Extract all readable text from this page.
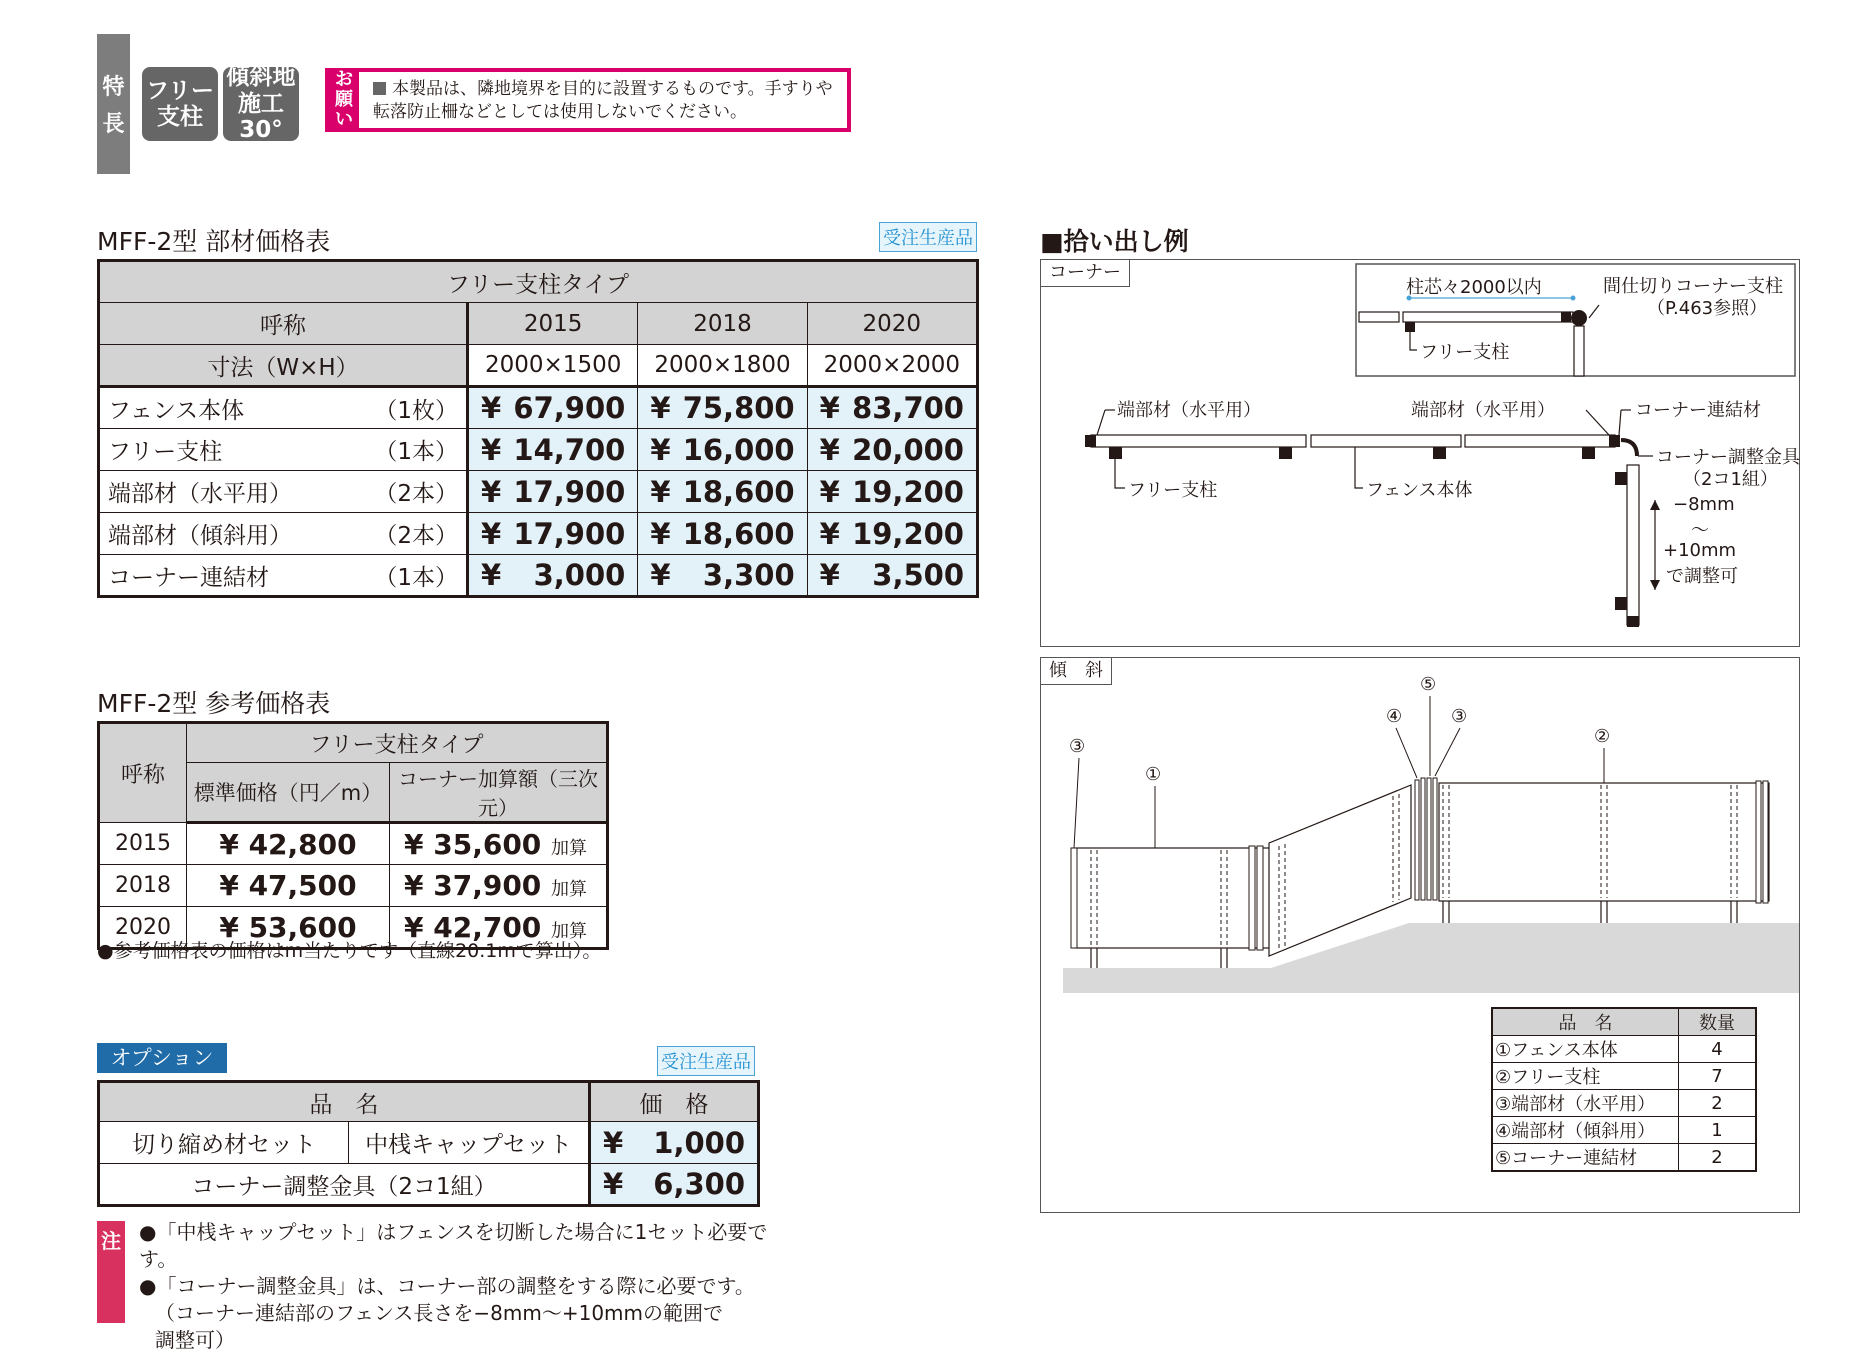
特
長
フリー
支柱
傾斜地
施工30°
お
願
い
本製品は、隣地境界を目的に設置するものです。手すりや転落防止柵などとしては使用しないでください。
MFF-2型 部材価格表	受注生産品
フリー支柱タイプ			
呼称	2015	2018	2020
寸法（W×H）	2000×1500	2000×1800	2000×2000
フェンス本体 （1枚）	¥ 67,900	¥ 75,800	¥ 83,700

フリー支柱 （1本）	¥ 14,700	¥ 16,000	¥ 20,000

端部材（水平用） （2本）	¥ 17,900	¥ 18,600	¥ 19,200

端部材（傾斜用） （2本）	¥ 17,900	¥ 18,600	¥ 19,200

コーナー連結材 （1本）	¥ 3,000	¥ 3,300	¥ 3,500
MFF-2型 参考価格表
呼称	フリー支柱タイプ	
	標準価格（円／m）	コーナー加算額（三次元）
2015	¥ 42,800	¥ 35,600 加算
2018	¥ 47,500	¥ 37,900 加算
2020	¥ 53,600	¥ 42,700 加算
●参考価格表の価格はm当たりです（直線20.1mで算出）。
オプション	受注生産品
品　名		価　格
切り縮め材セット	中桟キャップセット	¥ 1,000

コーナー調整金具（2コ1組）		¥ 6,300
注 ●「中桟キャップセット」はフェンスを切断した場合に1セット必要です。
●「コーナー調整金具」は、コーナー部の調整をする際に必要です。
（コーナー連結部のフェンス長さを−8mm〜+10mmの範囲で
調整可）
■拾い出し例
コーナー
柱芯々2000以内	間仕切りコーナー支柱
（P.463参照）
フリー支柱
端部材（水平用）	端部材（水平用）	コーナー連結材
コーナー調整金具
（2コ1組）
フリー支柱	フェンス本体
−8mm
〜
+10mm
で調整可
傾　斜
③
①
④
⑤
③
②
品　名	数量
①フェンス本体	4
②フリー支柱	7
③端部材（水平用）	2
④端部材（傾斜用）	1
⑤コーナー連結材	2
